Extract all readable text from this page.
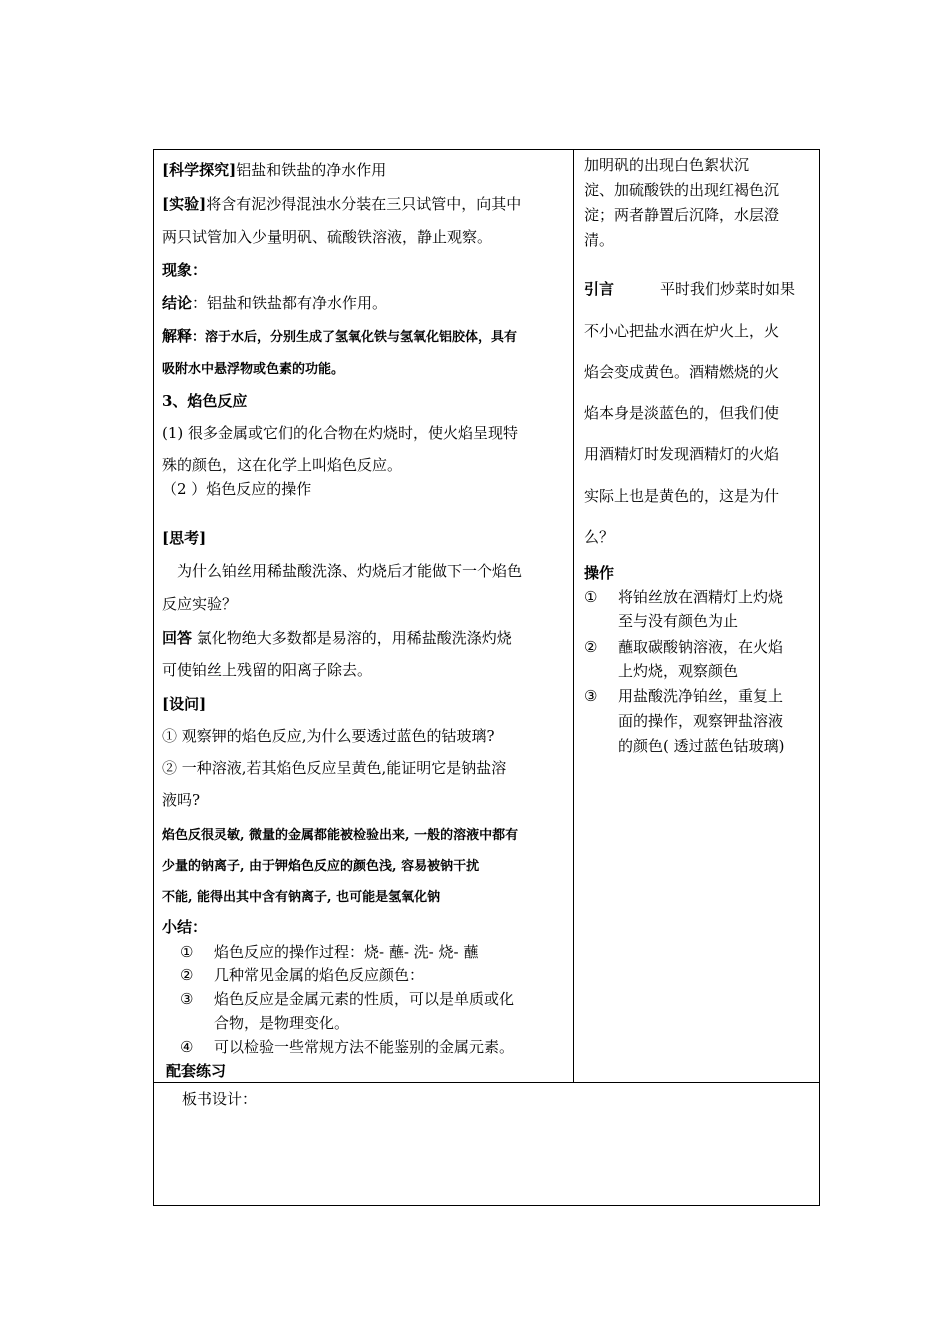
[科学探究]铝盐和铁盐的净水作用
[实验]将含有泥沙得混浊水分装在三只试管中，向其中
两只试管加入少量明矾、硫酸铁溶液，静止观察。
现象：
结论：铝盐和铁盐都有净水作用。
解释：溶于水后，分别生成了氢氧化铁与氢氧化铝胶体，具有
吸附水中悬浮物或色素的功能。
3、焰色反应
(1) 很多金属或它们的化合物在灼烧时，使火焰呈现特
殊的颜色，这在化学上叫焰色反应。
（2 ）焰色反应的操作
[思考]
　为什么铂丝用稀盐酸洗涤、灼烧后才能做下一个焰色
反应实验？
回答 氯化物绝大多数都是易溶的，用稀盐酸洗涤灼烧
可使铂丝上残留的阳离子除去。
[设问]
① 观察钾的焰色反应,为什么要透过蓝色的钴玻璃?
② 一种溶液,若其焰色反应呈黄色,能证明它是钠盐溶
液吗?
焰色反很灵敏, 微量的金属都能被检验出来, 一般的溶液中都有
少量的钠离子, 由于钾焰色反应的颜色浅, 容易被钠干扰
不能, 能得出其中含有钠离子, 也可能是氢氧化钠
小结：
① 焰色反应的操作过程：烧- 蘸- 洗- 烧- 蘸
② 几种常见金属的焰色反应颜色：
③ 焰色反应是金属元素的性质，可以是单质或化
合物，是物理变化。
④ 可以检验一些常规方法不能鉴别的金属元素。
配套练习
加明矾的出现白色絮状沉
淀、加硫酸铁的出现红褐色沉
淀；两者静置后沉降，水层澄
清。
引言	平时我们炒菜时如果
不小心把盐水洒在炉火上，火
焰会变成黄色。酒精燃烧的火
焰本身是淡蓝色的，但我们使
用酒精灯时发现酒精灯的火焰
实际上也是黄色的，这是为什
么？
操作
① 将铂丝放在酒精灯上灼烧
至与没有颜色为止
② 蘸取碳酸钠溶液，在火焰
上灼烧，观察颜色
③ 用盐酸洗净铂丝，重复上
面的操作，观察钾盐溶液
的颜色( 透过蓝色钴玻璃)
板书设计：
